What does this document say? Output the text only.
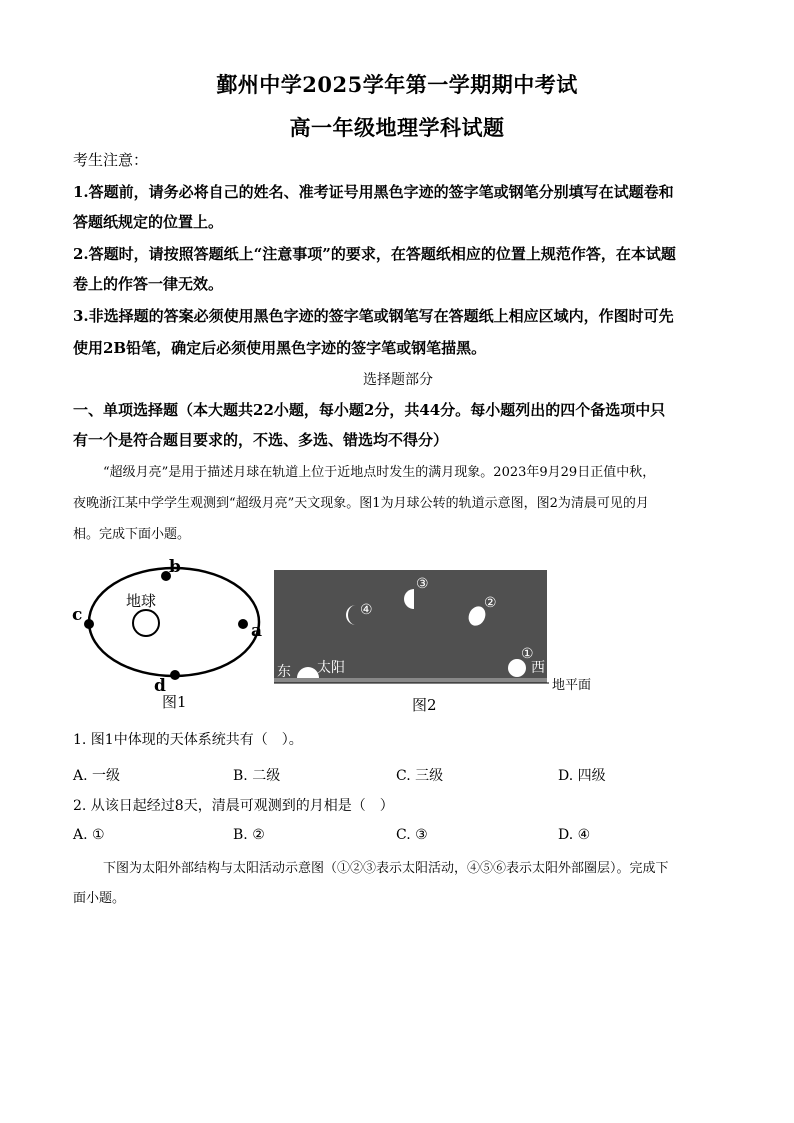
鄞州中学2025学年第一学期期中考试
高一年级地理学科试题
考生注意：
1.答题前，请务必将自己的姓名、准考证号用黑色字迹的签字笔或钢笔分别填写在试题卷和
答题纸规定的位置上。
2.答题时，请按照答题纸上“注意事项”的要求，在答题纸相应的位置上规范作答，在本试题
卷上的作答一律无效。
3.非选择题的答案必须使用黑色字迹的签字笔或钢笔写在答题纸上相应区域内，作图时可先
使用2B铅笔，确定后必须使用黑色字迹的签字笔或钢笔描黑。
选择题部分
一、单项选择题（本大题共22小题，每小题2分，共44分。每小题列出的四个备选项中只
有一个是符合题目要求的，不选、多选、错选均不得分）
“超级月亮”是用于描述月球在轨道上位于近地点时发生的满月现象。2023年9月29日正值中秋，
夜晚浙江某中学学生观测到“超级月亮”天文现象。图1为月球公转的轨道示意图，图2为清晨可见的月
相。完成下面小题。
地球
b
a
c
d
图1
东 太阳	西
①
②
③
④
地平面
图2
1. 图1中体现的天体系统共有（　）。
A. 一级	B. 二级	C. 三级	D. 四级
2. 从该日起经过8天，清晨可观测到的月相是（　）
A. ①	B. ②	C. ③	D. ④
下图为太阳外部结构与太阳活动示意图（①②③表示太阳活动，④⑤⑥表示太阳外部圈层）。完成下
面小题。
